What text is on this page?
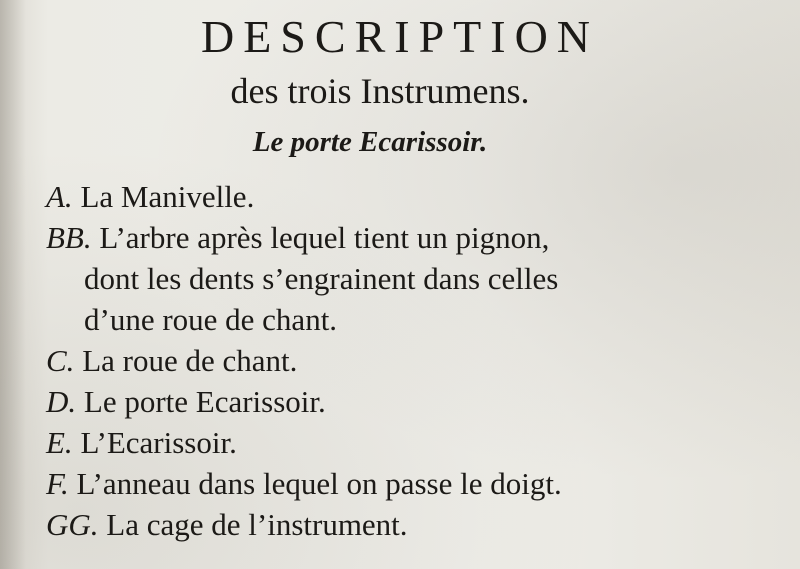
DESCRIPTION
des trois Instrumens.
Le porte Ecarissoir.

A. La Manivelle.

BB. L’arbre après lequel tient un pignon,
dont les dents s’engrainent dans celles
d’une roue de chant.

C. La roue de chant.

D. Le porte Ecarissoir.

E. L’Ecarissoir.

F. L’anneau dans lequel on passe le doigt.

GG. La cage de l’instrument.
